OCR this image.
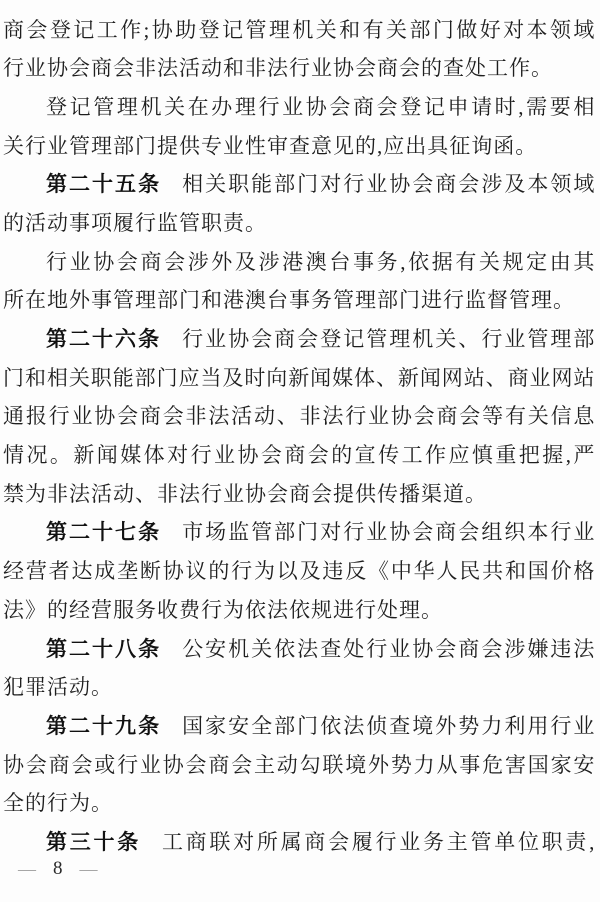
商会登记工作;协助登记管理机关和有关部门做好对本领域
行业协会商会非法活动和非法行业协会商会的查处工作。
登记管理机关在办理行业协会商会登记申请时,需要相
关行业管理部门提供专业性审查意见的,应出具征询函。
第二十五条 相关职能部门对行业协会商会涉及本领域
的活动事项履行监管职责。
行业协会商会涉外及涉港澳台事务,依据有关规定由其
所在地外事管理部门和港澳台事务管理部门进行监督管理。
第二十六条 行业协会商会登记管理机关、行业管理部
门和相关职能部门应当及时向新闻媒体、新闻网站、商业网站
通报行业协会商会非法活动、非法行业协会商会等有关信息
情况。新闻媒体对行业协会商会的宣传工作应慎重把握,严
禁为非法活动、非法行业协会商会提供传播渠道。
第二十七条 市场监管部门对行业协会商会组织本行业
经营者达成垄断协议的行为以及违反《中华人民共和国价格
法》的经营服务收费行为依法依规进行处理。
第二十八条 公安机关依法查处行业协会商会涉嫌违法
犯罪活动。
第二十九条 国家安全部门依法侦查境外势力利用行业
协会商会或行业协会商会主动勾联境外势力从事危害国家安
全的行为。
第三十条 工商联对所属商会履行业务主管单位职责,
— 8 —
